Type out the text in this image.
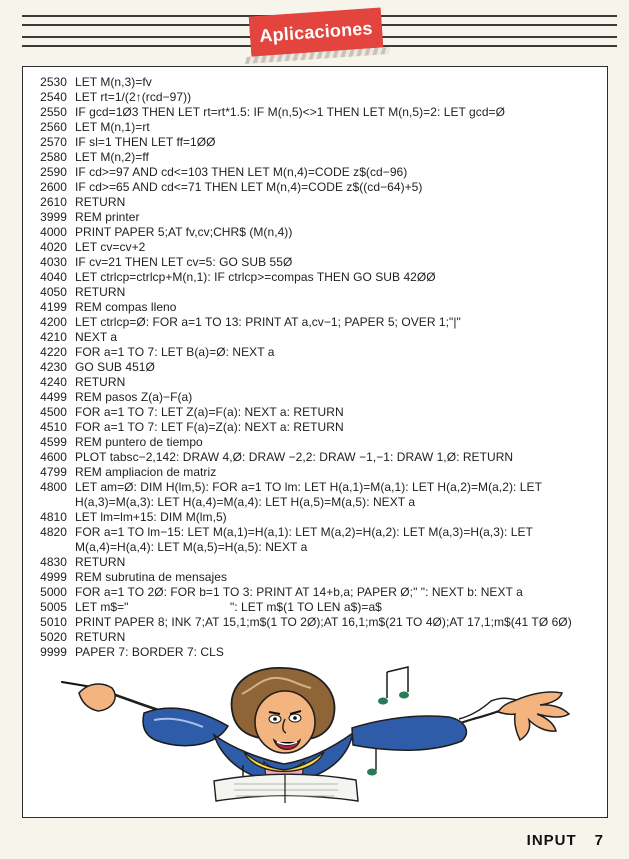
Aplicaciones
2530 LET M(n,3)=fv
2540 LET rt=1/(2↑(rcd−97))
2550 IF gcd=1Ø3 THEN LET rt=rt*1.5: IF M(n,5)<>1 THEN LET M(n,5)=2: LET gcd=Ø
2560 LET M(n,1)=rt
2570 IF sl=1 THEN LET ff=1ØØ
2580 LET M(n,2)=ff
2590 IF cd>=97 AND cd<=103 THEN LET M(n,4)=CODE z$(cd−96)
2600 IF cd>=65 AND cd<=71 THEN LET M(n,4)=CODE z$((cd−64)+5)
2610 RETURN
3999 REM printer
4000 PRINT PAPER 5;AT fv,cv;CHR$ (M(n,4))
4020 LET cv=cv+2
4030 IF cv=21 THEN LET cv=5: GO SUB 55Ø
4040 LET ctrlcp=ctrlcp+M(n,1): IF ctrlcp>=compas THEN GO SUB 42ØØ
4050 RETURN
4199 REM compas lleno
4200 LET ctrlcp=Ø: FOR a=1 TO 13: PRINT AT a,cv−1; PAPER 5; OVER 1;"|"
4210 NEXT a
4220 FOR a=1 TO 7: LET B(a)=Ø: NEXT a
4230 GO SUB 451Ø
4240 RETURN
4499 REM pasos Z(a)−F(a)
4500 FOR a=1 TO 7: LET Z(a)=F(a): NEXT a: RETURN
4510 FOR a=1 TO 7: LET F(a)=Z(a): NEXT a: RETURN
4599 REM puntero de tiempo
4600 PLOT tabsc−2,142: DRAW 4,Ø: DRAW −2,2: DRAW −1,−1: DRAW 1,Ø: RETURN
4799 REM ampliacion de matriz
4800 LET am=Ø: DIM H(lm,5): FOR a=1 TO lm: LET H(a,1)=M(a,1): LET H(a,2)=M(a,2): LET H(a,3)=M(a,3): LET H(a,4)=M(a,4): LET H(a,5)=M(a,5): NEXT a
4810 LET lm=lm+15: DIM M(lm,5)
4820 FOR a=1 TO lm−15: LET M(a,1)=H(a,1): LET M(a,2)=H(a,2): LET M(a,3)=H(a,3): LET M(a,4)=H(a,4): LET M(a,5)=H(a,5): NEXT a
4830 RETURN
4999 REM subrutina de mensajes
5000 FOR a=1 TO 2Ø: FOR b=1 TO 3: PRINT AT 14+b,a; PAPER Ø;" ": NEXT b: NEXT a
5005 LET m$="                              ": LET m$(1 TO LEN a$)=a$
5010 PRINT PAPER 8; INK 7;AT 15,1;m$(1 TO 2Ø);AT 16,1;m$(21 TO 4Ø);AT 17,1;m$(41 TØ 6Ø)
5020 RETURN
9999 PAPER 7: BORDER 7: CLS
INPUT 7
